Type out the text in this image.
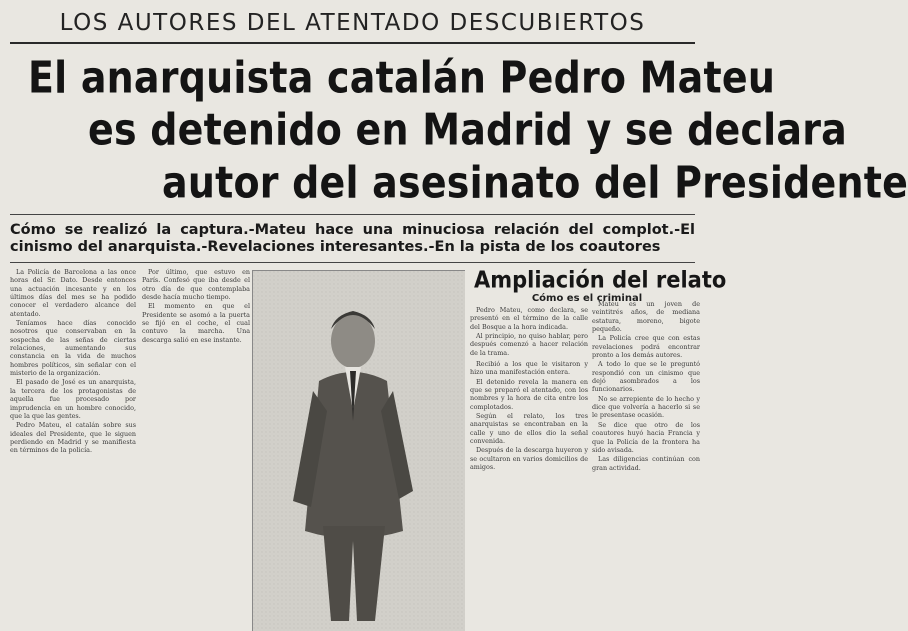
LOS AUTORES DEL ATENTADO DESCUBIERTOS
El anarquista catalán Pedro Mateu
es detenido en Madrid y se declara
autor del asesinato del Presidente
Cómo se realizó la captura.-Mateu hace una minuciosa relación del complot.-El cinismo del anarquista.-Revelaciones interesantes.-En la pista de los coautores

La Policía de Barcelona a las once horas del Sr. Dato. Desde entonces una actuación incesante y en los últimos días del mes se ha podido conocer el verdadero alcance del atentado.

Teníamos hace días conocido nosotros que conservaban en la sospecha de las señas de ciertas relaciones, aumentando sus constancia en la vida de muchos hombres políticos, sin señalar con el misterio de la organización.

El pasado de José es un anarquista, la tercera de los protagonistas de aquella fue procesado por imprudencia en un hombre conocido, que la que las gentes.

Pedro Mateu, el catalán sobre sus ideales del Presidente, que le siguen perdiendo en Madrid y se manifiesta en términos de la policía.

Por último, que estuvo en París. Confesó que iba desde el otro día de que contemplaba desde hacía mucho tiempo.

El momento en que el Presidente se asomó a la puerta se fijó en el coche, el cual contuvo la marcha. Una descarga salió en ese instante.

Ampliación del relato
Cómo es el criminal

Pedro Mateu, como declara, se presentó en el término de la calle del Bosque a la hora indicada.

Al principio, no quiso hablar, pero después comenzó a hacer relación de la trama.

Recibió a los que le visitaron y hizo una manifestación entera.

El detenido revela la manera en que se preparó el atentado, con los nombres y la hora de cita entre los complotados.

Según el relato, los tres anarquistas se encontraban en la calle y uno de ellos dio la señal convenida.

Después de la descarga huyeron y se ocultaron en varios domicilios de amigos.

Mateu es un joven de veintitrés años, de mediana estatura, moreno, bigote pequeño.

La Policía cree que con estas revelaciones podrá encontrar pronto a los demás autores.

A todo lo que se le preguntó respondió con un cinismo que dejó asombrados a los funcionarios.

No se arrepiente de lo hecho y dice que volvería a hacerlo si se le presentase ocasión.

Se dice que otro de los coautores huyó hacia Francia y que la Policía de la frontera ha sido avisada.

Las diligencias continúan con gran actividad.
